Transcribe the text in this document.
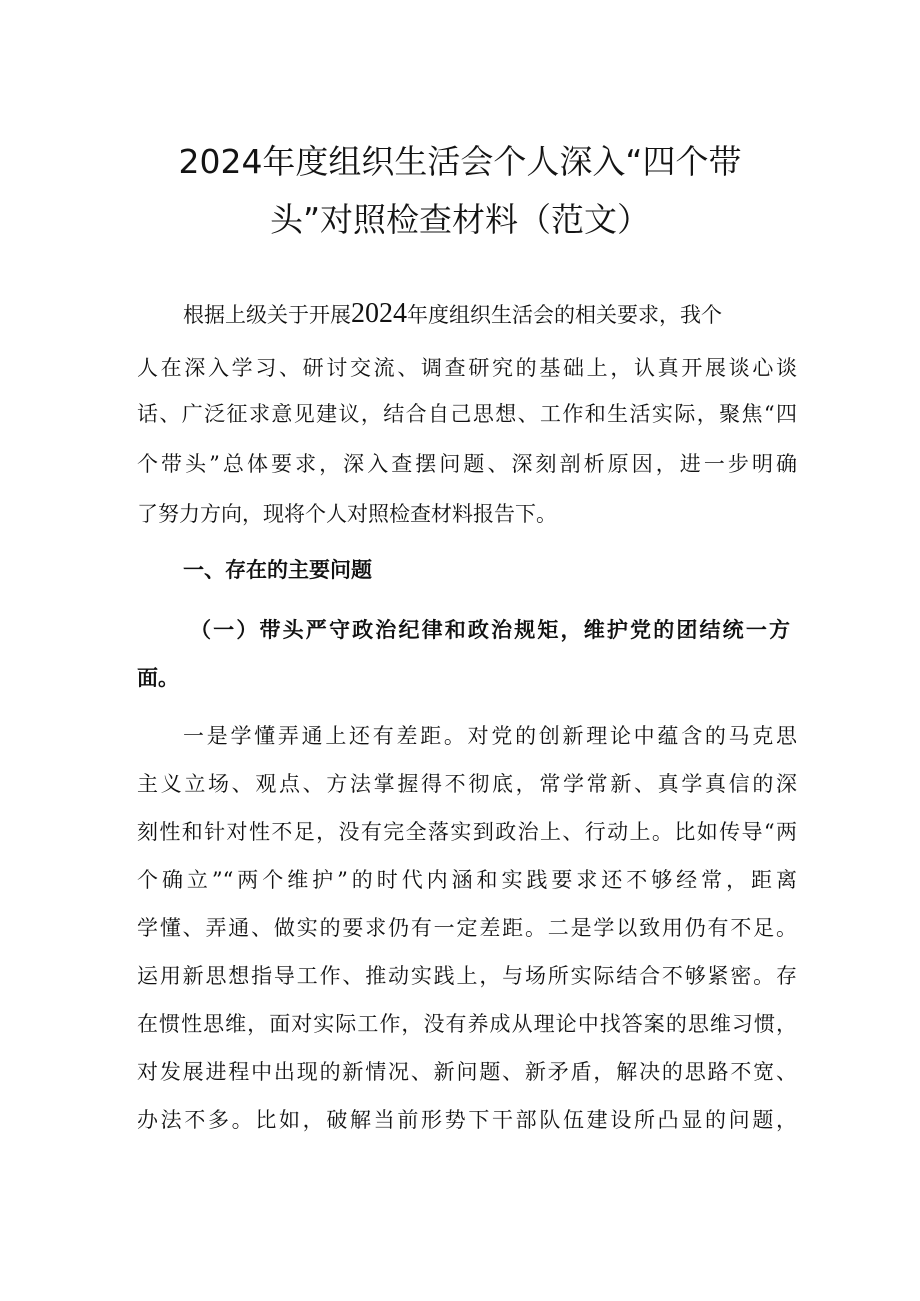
2024年度组织生活会个人深入“四个带
头”对照检查材料（范文）
根据上级关于开展2024年度组织生活会的相关要求，我个
人在深入学习、研讨交流、调查研究的基础上，认真开展谈心谈
话、广泛征求意见建议，结合自己思想、工作和生活实际，聚焦“四
个带头”总体要求，深入查摆问题、深刻剖析原因，进一步明确
了努力方向，现将个人对照检查材料报告下。
一、存在的主要问题
（一）带头严守政治纪律和政治规矩，维护党的团结统一方
面。
一是学懂弄通上还有差距。对党的创新理论中蕴含的马克思
主义立场、观点、方法掌握得不彻底，常学常新、真学真信的深
刻性和针对性不足，没有完全落实到政治上、行动上。比如传导“两
个确立”“两个维护”的时代内涵和实践要求还不够经常，距离
学懂、弄通、做实的要求仍有一定差距。二是学以致用仍有不足。
运用新思想指导工作、推动实践上，与场所实际结合不够紧密。存
在惯性思维，面对实际工作，没有养成从理论中找答案的思维习惯，
对发展进程中出现的新情况、新问题、新矛盾，解决的思路不宽、
办法不多。比如，破解当前形势下干部队伍建设所凸显的问题，
